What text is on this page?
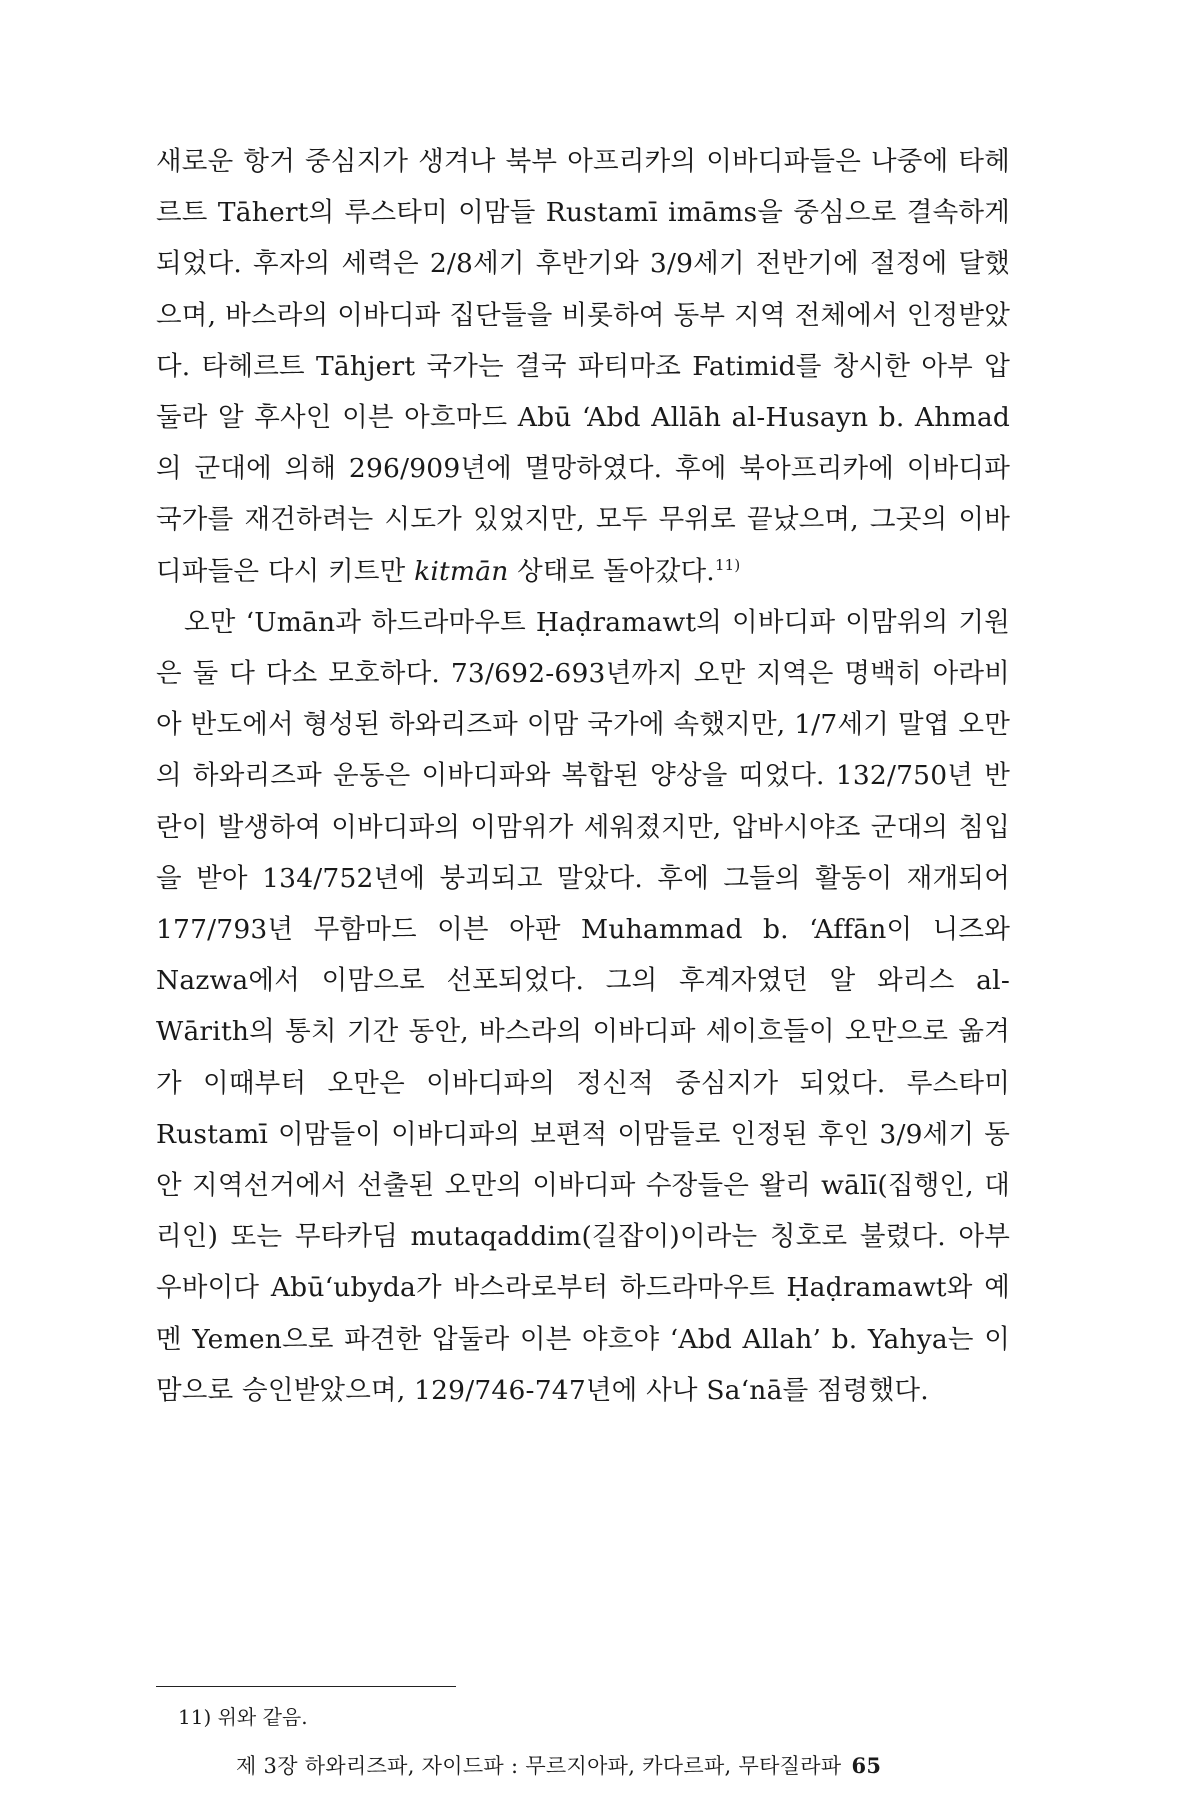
새로운 항거 중심지가 생겨나 북부 아프리카의 이바디파들은 나중에 타헤르트 Tāhert의 루스타미 이맘들 Rustamī imāms을 중심으로 결속하게 되었다. 후자의 세력은 2/8세기 후반기와 3/9세기 전반기에 절정에 달했으며, 바스라의 이바디파 집단들을 비롯하여 동부 지역 전체에서 인정받았다. 타헤르트 Tāhjert 국가는 결국 파티마조 Fatimid를 창시한 아부 압둘라 알 후사인 이븐 아흐마드 Abū ‘Abd Allāh al-Husayn b. Ahmad의 군대에 의해 296/909년에 멸망하였다. 후에 북아프리카에 이바디파 국가를 재건하려는 시도가 있었지만, 모두 무위로 끝났으며, 그곳의 이바디파들은 다시 키트만 kitmān 상태로 돌아갔다.$^{11)}$

오만 ‘Umān과 하드라마우트 Ḥaḍramawt의 이바디파 이맘위의 기원은 둘 다 다소 모호하다. 73/692-693년까지 오만 지역은 명백히 아라비아 반도에서 형성된 하와리즈파 이맘 국가에 속했지만, 1/7세기 말엽 오만의 하와리즈파 운동은 이바디파와 복합된 양상을 띠었다. 132/750년 반란이 발생하여 이바디파의 이맘위가 세워졌지만, 압바시야조 군대의 침입을 받아 134/752년에 붕괴되고 말았다. 후에 그들의 활동이 재개되어 177/793년 무함마드 이븐 아판 Muhammad b. ‘Affān이 니즈와 Nazwa에서 이맘으로 선포되었다. 그의 후계자였던 알 와리스 al-Wārith의 통치 기간 동안, 바스라의 이바디파 세이흐들이 오만으로 옮겨가 이때부터 오만은 이바디파의 정신적 중심지가 되었다. 루스타미 Rustamī 이맘들이 이바디파의 보편적 이맘들로 인정된 후인 3/9세기 동안 지역선거에서 선출된 오만의 이바디파 수장들은 왈리 wālī(집행인, 대리인) 또는 무타카딤 mutaqaddim(길잡이)이라는 칭호로 불렸다. 아부 우바이다 Abū‘ubyda가 바스라로부터 하드라마우트 Ḥaḍramawt와 예멘 Yemen으로 파견한 압둘라 이븐 야흐야 ‘Abd Allah’ b. Yahya는 이맘으로 승인받았으며, 129/746-747년에 사나 Sa‘nā를 점령했다.

11) 위와 같음.
제 3장 하와리즈파, 자이드파 : 무르지아파, 카다르파, 무타질라파 65
